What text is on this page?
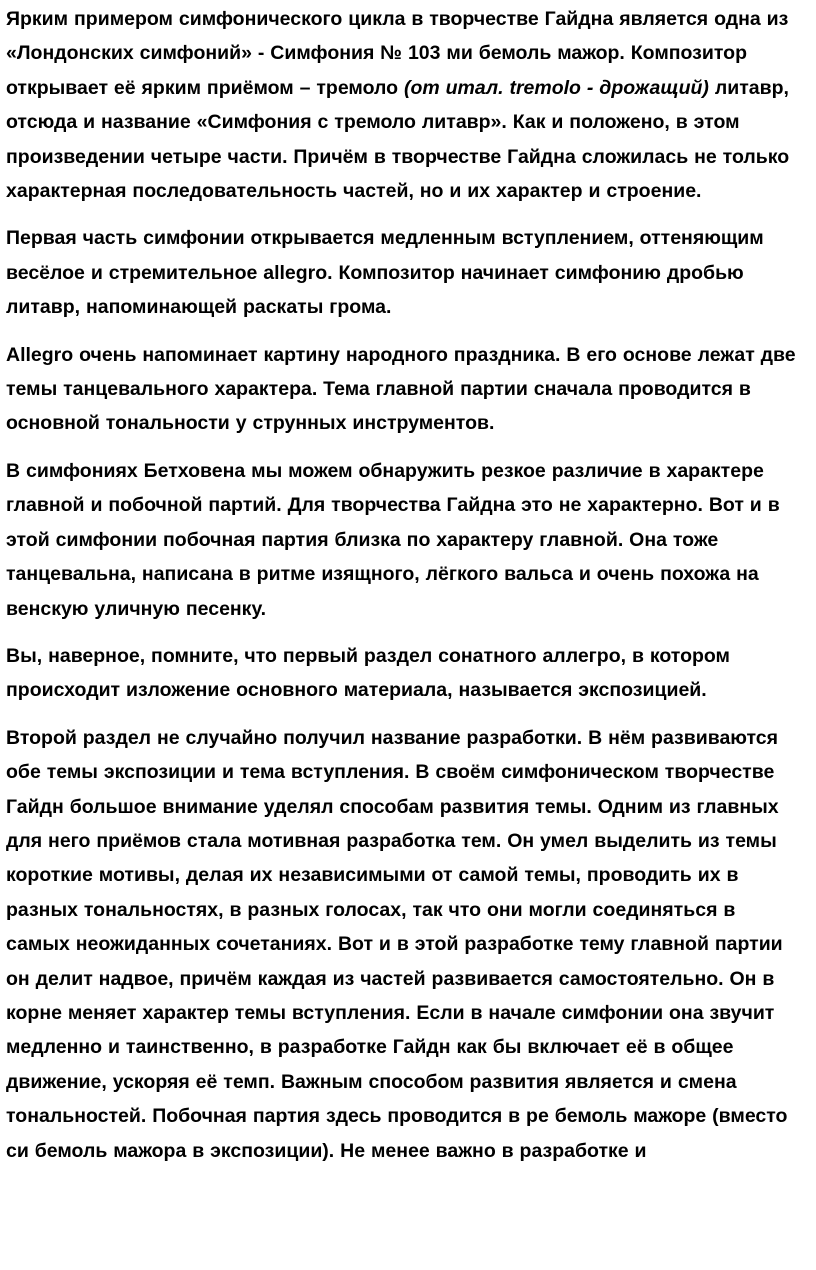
Ярким примером симфонического цикла в творчестве Гайдна является одна из «Лондонских симфоний» - Симфония № 103 ми бемоль мажор. Композитор открывает её ярким приёмом – тремоло (от итал. tremolo - дрожащий) литавр, отсюда и название «Симфония с тремоло литавр». Как и положено, в этом произведении четыре части. Причём в творчестве Гайдна сложилась не только характерная последовательность частей, но и их характер и строение.

Первая часть симфонии открывается медленным вступлением, оттеняющим весёлое и стремительное allegro. Композитор начинает симфонию дробью литавр, напоминающей раскаты грома.

Allegro очень напоминает картину народного праздника. В его основе лежат две темы танцевального характера. Тема главной партии сначала проводится в основной тональности у струнных инструментов.

В симфониях Бетховена мы можем обнаружить резкое различие в характере главной и побочной партий. Для творчества Гайдна это не характерно. Вот и в этой симфонии побочная партия близка по характеру главной. Она тоже танцевальна, написана в ритме изящного, лёгкого вальса и очень похожа на венскую уличную песенку.

Вы, наверное, помните, что первый раздел сонатного аллегро, в котором происходит изложение основного материала, называется экспозицией.

Второй раздел не случайно получил название разработки. В нём развиваются обе темы экспозиции и тема вступления. В своём симфоническом творчестве Гайдн большое внимание уделял способам развития темы. Одним из главных для него приёмов стала мотивная разработка тем. Он умел выделить из темы короткие мотивы, делая их независимыми от самой темы, проводить их в разных тональностях, в разных голосах, так что они могли соединяться в самых неожиданных сочетаниях. Вот и в этой разработке тему главной партии он делит надвое, причём каждая из частей развивается самостоятельно. Он в корне меняет характер темы вступления. Если в начале симфонии она звучит медленно и таинственно, в разработке Гайдн как бы включает её в общее движение, ускоряя её темп. Важным способом развития является и смена тональностей. Побочная партия здесь проводится в ре бемоль мажоре (вместо си бемоль мажора в экспозиции). Не менее важно в разработке и
